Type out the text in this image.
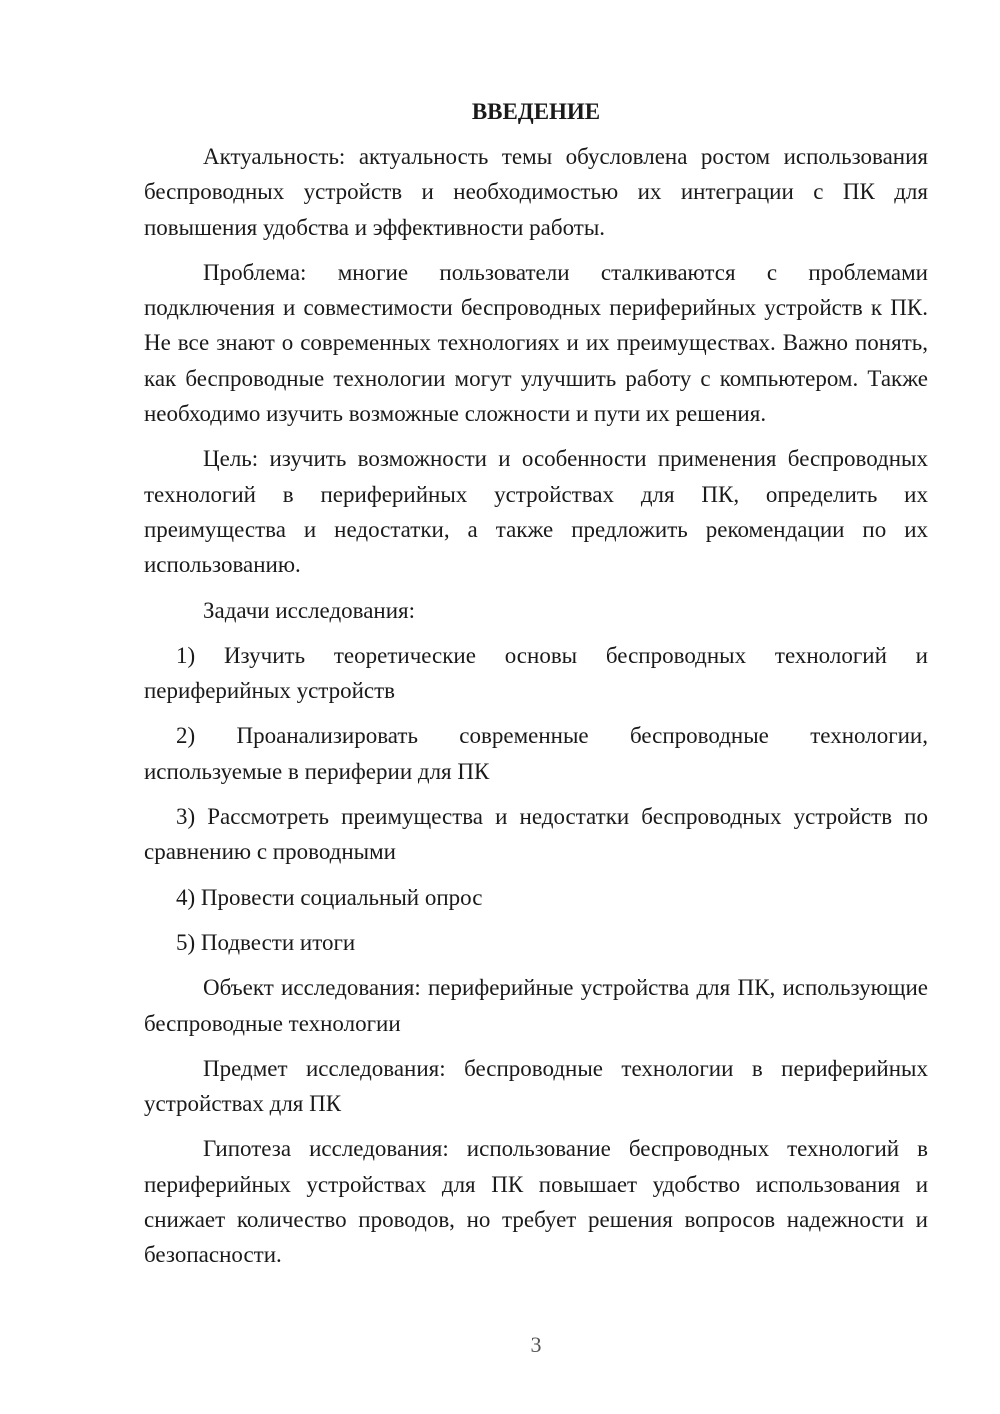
ВВЕДЕНИЕ

Актуальность: актуальность темы обусловлена ростом использования беспроводных устройств и необходимостью их интеграции с ПК для повышения удобства и эффективности работы.

Проблема: многие пользователи сталкиваются с проблемами подключения и совместимости беспроводных периферийных устройств к ПК. Не все знают о современных технологиях и их преимуществах. Важно понять, как беспроводные технологии могут улучшить работу с компьютером. Также необходимо изучить возможные сложности и пути их решения.

Цель: изучить возможности и особенности применения беспроводных технологий в периферийных устройствах для ПК, определить их преимущества и недостатки, а также предложить рекомендации по их использованию.

Задачи исследования:

1) Изучить теоретические основы беспроводных технологий и периферийных устройств

2) Проанализировать современные беспроводные технологии, используемые в периферии для ПК

3) Рассмотреть преимущества и недостатки беспроводных устройств по сравнению с проводными

4) Провести социальный опрос

5) Подвести итоги

Объект исследования: периферийные устройства для ПК, использующие беспроводные технологии

Предмет исследования: беспроводные технологии в периферийных устройствах для ПК

Гипотеза исследования: использование беспроводных технологий в периферийных устройствах для ПК повышает удобство использования и снижает количество проводов, но требует решения вопросов надежности и безопасности.

3
